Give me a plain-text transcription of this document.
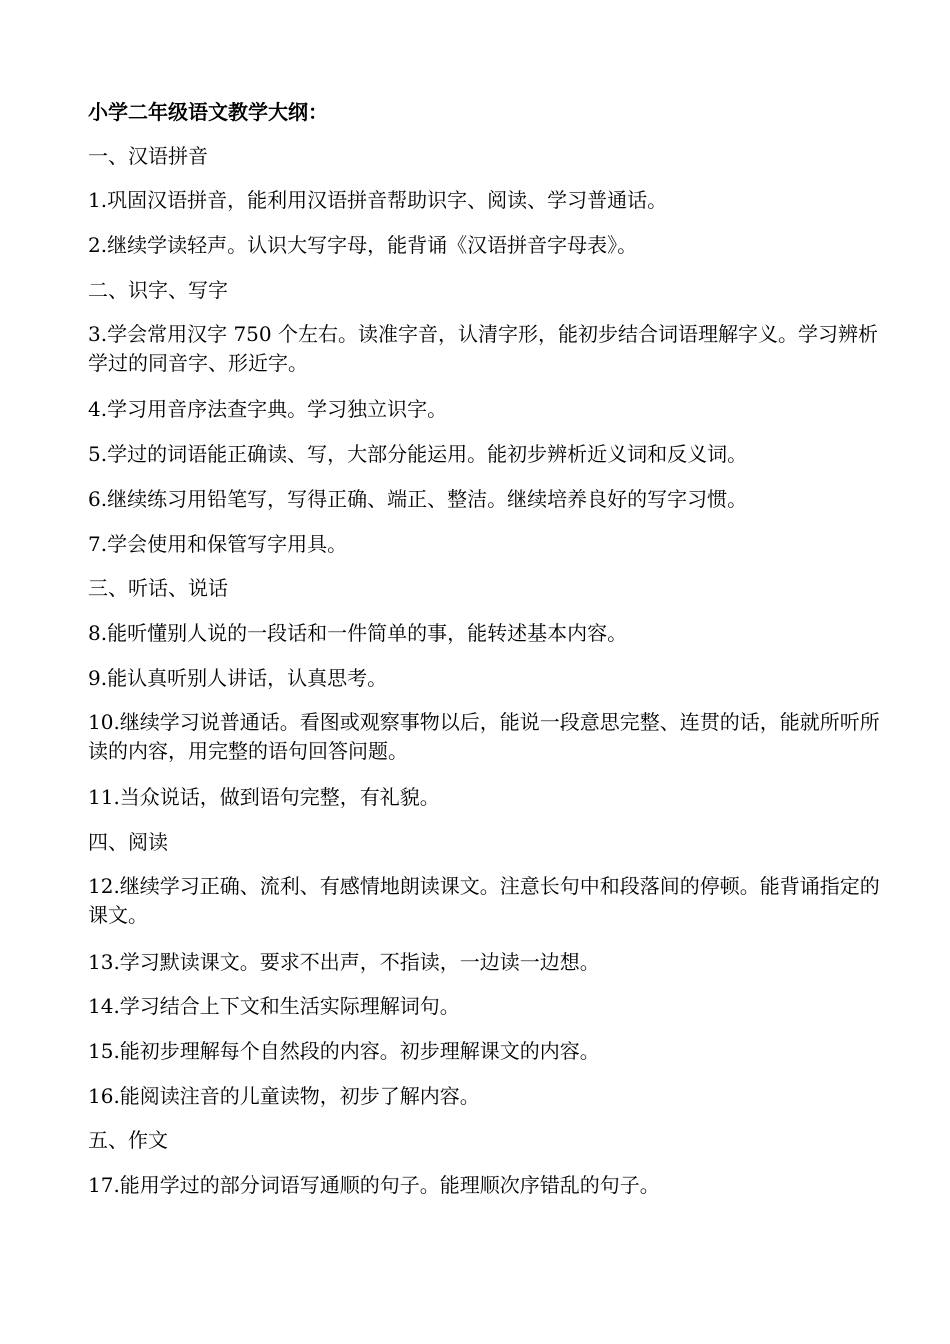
小学二年级语文教学大纲：

一、汉语拼音

1.巩固汉语拼音，能利用汉语拼音帮助识字、阅读、学习普通话。

2.继续学读轻声。认识大写字母，能背诵《汉语拼音字母表》。

二、识字、写字

3.学会常用汉字 750 个左右。读准字音，认清字形，能初步结合词语理解字义。学习辨析学过的同音字、形近字。

4.学习用音序法查字典。学习独立识字。

5.学过的词语能正确读、写，大部分能运用。能初步辨析近义词和反义词。

6.继续练习用铅笔写，写得正确、端正、整洁。继续培养良好的写字习惯。

7.学会使用和保管写字用具。

三、听话、说话

8.能听懂别人说的一段话和一件简单的事，能转述基本内容。

9.能认真听别人讲话，认真思考。

10.继续学习说普通话。看图或观察事物以后，能说一段意思完整、连贯的话，能就所听所读的内容，用完整的语句回答问题。

11.当众说话，做到语句完整，有礼貌。

四、阅读

12.继续学习正确、流利、有感情地朗读课文。注意长句中和段落间的停顿。能背诵指定的课文。

13.学习默读课文。要求不出声，不指读，一边读一边想。

14.学习结合上下文和生活实际理解词句。

15.能初步理解每个自然段的内容。初步理解课文的内容。

16.能阅读注音的儿童读物，初步了解内容。

五、作文

17.能用学过的部分词语写通顺的句子。能理顺次序错乱的句子。
